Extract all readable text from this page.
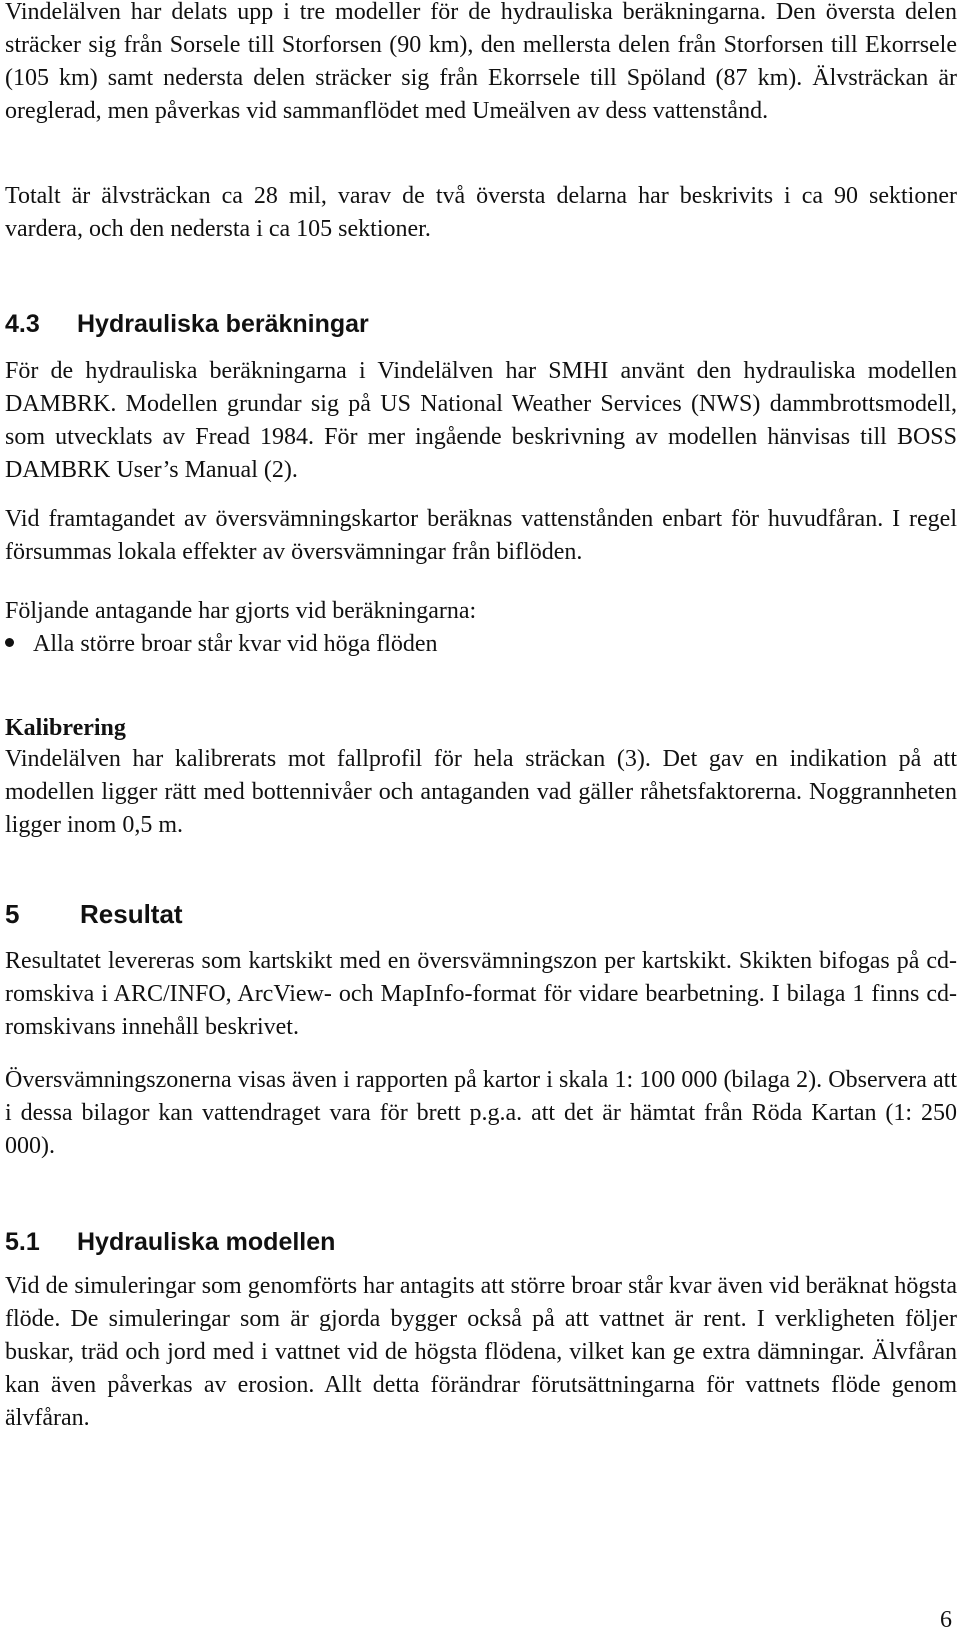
Vindelälven har delats upp i tre modeller för de hydrauliska beräkningarna. Den översta delen sträcker sig från Sorsele till Storforsen (90 km), den mellersta delen från Storforsen till Ekorrsele (105 km) samt nedersta delen sträcker sig från Ekorrsele till Spöland (87 km). Älvsträckan är oreglerad, men påverkas vid sammanflödet med Umeälven av dess vattenstånd.

Totalt är älvsträckan ca 28 mil, varav de två översta delarna har beskrivits i ca 90 sektioner vardera, och den nedersta i ca 105 sektioner.

4.3 Hydrauliska beräkningar

För de hydrauliska beräkningarna i Vindelälven har SMHI använt den hydrauliska modellen DAMBRK. Modellen grundar sig på US National Weather Services (NWS) dammbrottsmodell, som utvecklats av Fread 1984. För mer ingående beskrivning av modellen hänvisas till BOSS DAMBRK User’s Manual (2).

Vid framtagandet av översvämningskartor beräknas vattenstånden enbart för huvudfåran. I regel försummas lokala effekter av översvämningar från biflöden.

Följande antagande har gjorts vid beräkningarna:

Alla större broar står kvar vid höga flöden
Kalibrering

Vindelälven har kalibrerats mot fallprofil för hela sträckan (3). Det gav en indikation på att modellen ligger rätt med bottennivåer och antaganden vad gäller råhetsfaktorerna. Noggrannheten ligger inom 0,5 m.

5 Resultat

Resultatet levereras som kartskikt med en översvämningszon per kartskikt. Skikten bifogas på cd-romskiva i ARC/INFO, ArcView- och MapInfo-format för vidare bearbetning. I bilaga 1 finns cd-romskivans innehåll beskrivet.

Översvämningszonerna visas även i rapporten på kartor i skala 1: 100 000 (bilaga 2). Observera att i dessa bilagor kan vattendraget vara för brett p.g.a. att det är hämtat från Röda Kartan (1: 250 000).

5.1 Hydrauliska modellen

Vid de simuleringar som genomförts har antagits att större broar står kvar även vid beräknat högsta flöde. De simuleringar som är gjorda bygger också på att vattnet är rent. I verkligheten följer buskar, träd och jord med i vattnet vid de högsta flödena, vilket kan ge extra dämningar. Älvfåran kan även påverkas av erosion. Allt detta förändrar förutsättningarna för vattnets flöde genom älvfåran.

6
